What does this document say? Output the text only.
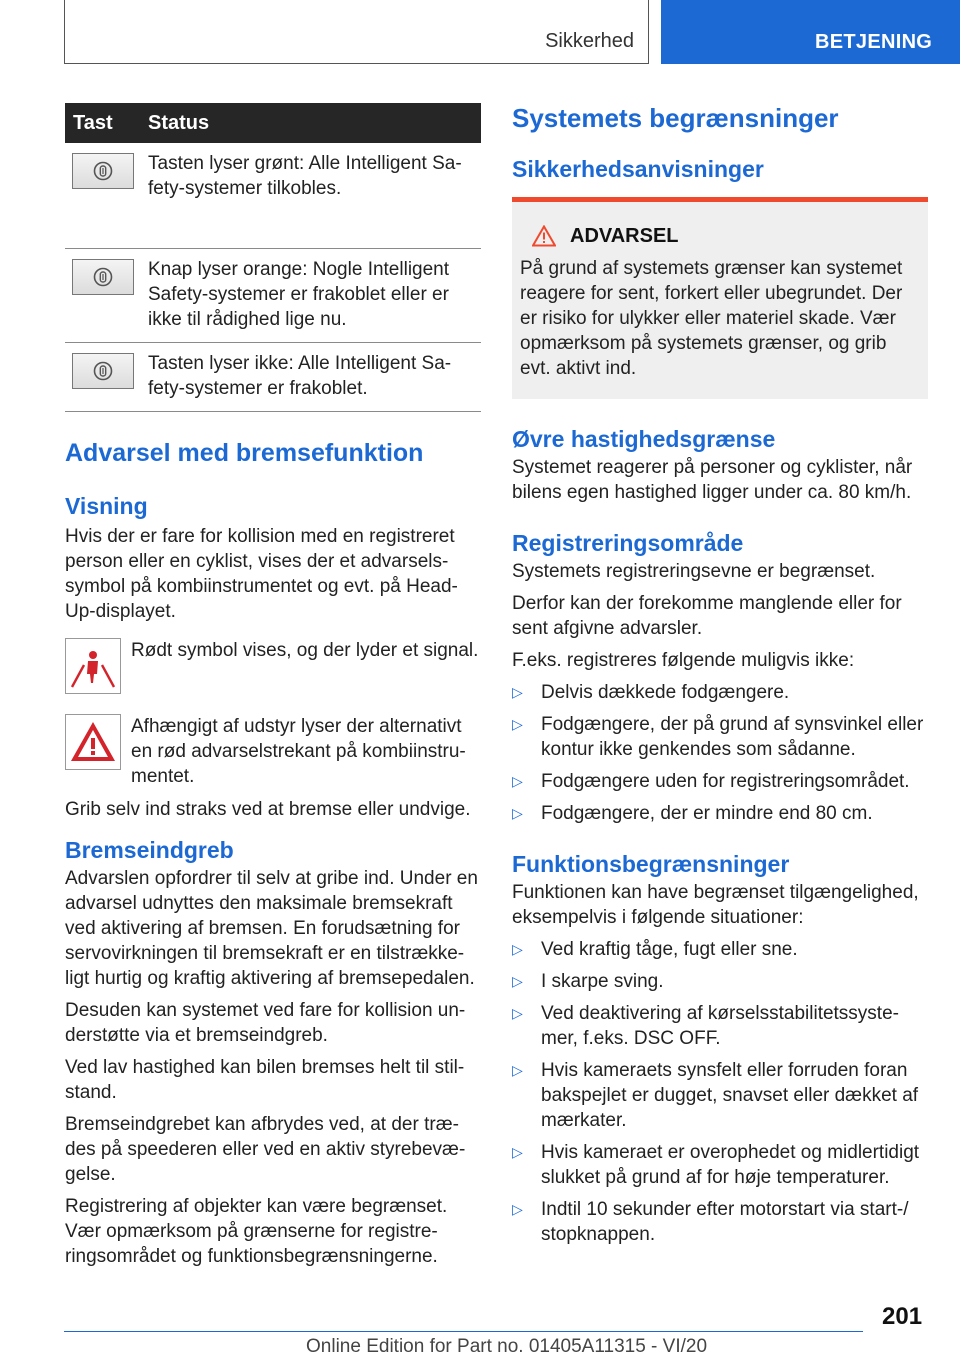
Sikkerhed	BETJENING
Tast	Status

	Tasten lyser grønt: Alle Intelligent Sa-fety-systemer tilkobles.

	Knap lyser orange: Nogle Intelligent Safety-systemer er frakoblet eller er ikke til rådighed lige nu.

	Tasten lyser ikke: Alle Intelligent Sa-fety-systemer er frakoblet.
Advarsel med bremsefunktion
Visning

Hvis der er fare for kollision med en registreret person eller en cyklist, vises der et advarsels-symbol på kombiinstrumentet og evt. på Head-Up-displayet.

Rødt symbol vises, og der lyder et signal.

Afhængigt af udstyr lyser der alternativt en rød advarselstrekant på kombiinstru-mentet.

Grib selv ind straks ved at bremse eller undvige.

Bremseindgreb

Advarslen opfordrer til selv at gribe ind. Under en advarsel udnyttes den maksimale bremsekraft ved aktivering af bremsen. En forudsætning for servovirkningen til bremsekraft er en tilstrække-ligt hurtig og kraftig aktivering af bremsepedalen.

Desuden kan systemet ved fare for kollision un-derstøtte via et bremseindgreb.

Ved lav hastighed kan bilen bremses helt til stil-stand.

Bremseindgrebet kan afbrydes ved, at der træ-des på speederen eller ved en aktiv styrebevæ-gelse.

Registrering af objekter kan være begrænset. Vær opmærksom på grænserne for registre-ringsområdet og funktionsbegrænsningerne.

Systemets begrænsninger
Sikkerhedsanvisninger
ADVARSEL

På grund af systemets grænser kan systemet reagere for sent, forkert eller ubegrundet. Der er risiko for ulykker eller materiel skade. Vær opmærksom på systemets grænser, og grib evt. aktivt ind.

Øvre hastighedsgrænse

Systemet reagerer på personer og cyklister, når bilens egen hastighed ligger under ca. 80 km/h.

Registreringsområde

Systemets registreringsevne er begrænset.

Derfor kan der forekomme manglende eller for sent afgivne advarsler.

F.eks. registreres følgende muligvis ikke:

▷ Delvis dækkede fodgængere.
▷ Fodgængere, der på grund af synsvinkel eller kontur ikke genkendes som sådanne.
▷ Fodgængere uden for registreringsområdet.
▷ Fodgængere, der er mindre end 80 cm.
Funktionsbegrænsninger

Funktionen kan have begrænset tilgængelighed, eksempelvis i følgende situationer:

▷ Ved kraftig tåge, fugt eller sne.
▷ I skarpe sving.
▷ Ved deaktivering af kørselsstabilitetssyste-mer, f.eks. DSC OFF.
▷ Hvis kameraets synsfelt eller forruden foran bakspejlet er dugget, snavset eller dækket af mærkater.
▷ Hvis kameraet er overophedet og midlertidigt slukket på grund af for høje temperaturer.
▷ Indtil 10 sekunder efter motorstart via start-/ stopknappen.
201
Online Edition for Part no. 01405A11315 - VI/20
